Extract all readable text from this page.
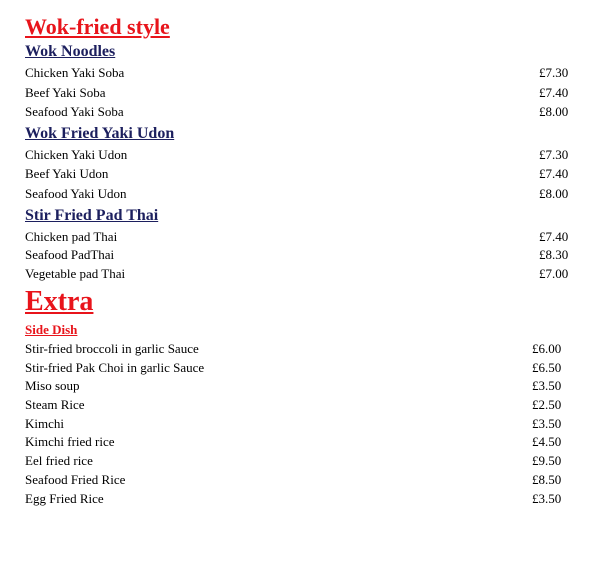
Wok-fried style
Wok Noodles
Chicken Yaki Soba	£7.30
Beef Yaki Soba	£7.40
Seafood Yaki Soba	£8.00
Wok Fried Yaki Udon
Chicken Yaki Udon	£7.30
Beef Yaki Udon	£7.40
Seafood Yaki Udon	£8.00
Stir Fried Pad Thai
Chicken pad Thai	£7.40
Seafood PadThai	£8.30
Vegetable pad Thai	£7.00
Extra
Side Dish
Stir-fried broccoli in garlic Sauce	£6.00
Stir-fried Pak Choi in garlic Sauce	£6.50
Miso soup	£3.50
Steam Rice	£2.50
Kimchi	£3.50
Kimchi fried rice	£4.50
Eel fried rice	£9.50
Seafood Fried Rice	£8.50
Egg Fried Rice	£3.50
